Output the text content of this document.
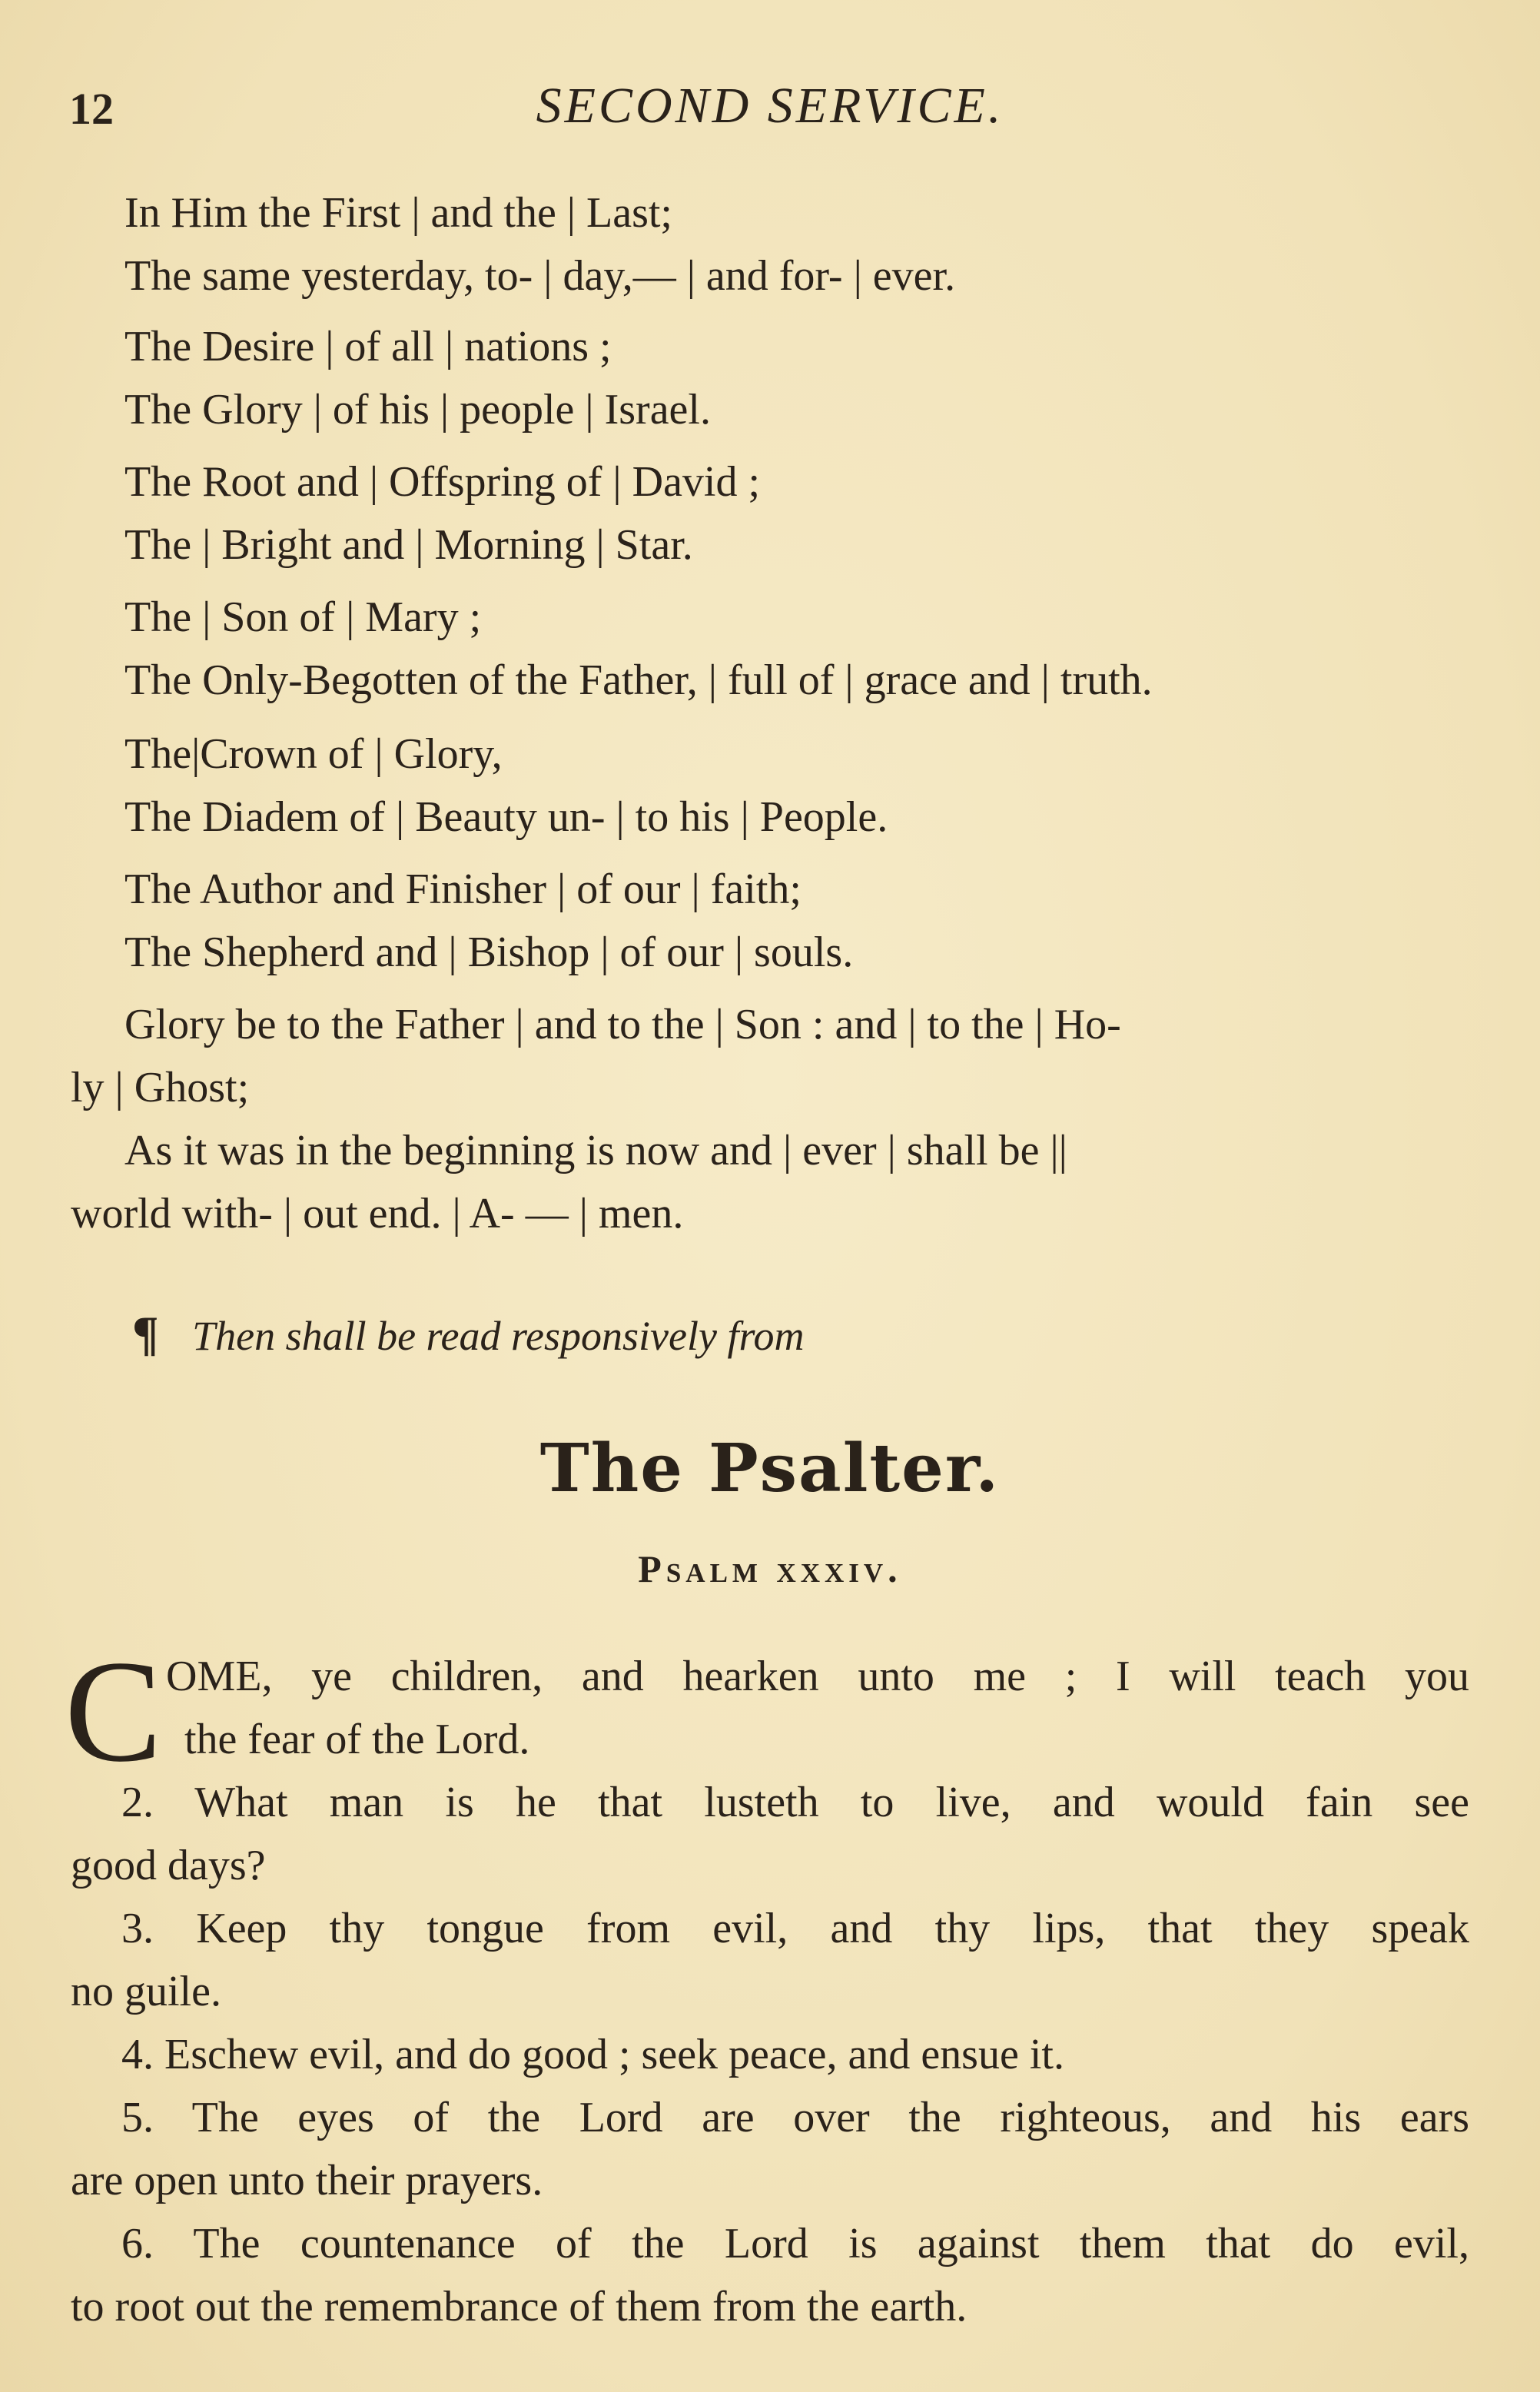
12	SECOND SERVICE.
In Him the First | and the | Last;
The same yesterday, to- | day,— | and for- | ever.
The Desire | of all | nations ;
The Glory | of his | people | Israel.
The Root and | Offspring of | David ;
The | Bright and | Morning | Star.
The | Son of | Mary ;
The Only-Begotten of the Father, | full of | grace and | truth.
The|Crown of | Glory,
The Diadem of | Beauty un- | to his | People.
The Author and Finisher | of our | faith;
The Shepherd and | Bishop | of our | souls.
Glory be to the Father | and to the | Son : and | to the | Ho-
ly | Ghost;
As it was in the beginning is now and | ever | shall be ||
world with- | out end. | A- — | men.
¶ Then shall be read responsively from
The Psalter.
Psalm xxxiv.
C OME, ye children, and hearken unto me ; I will teach you
the fear of the Lord.
2. What man is he that lusteth to live, and would fain see
good days?
3. Keep thy tongue from evil, and thy lips, that they speak
no guile.
4. Eschew evil, and do good ; seek peace, and ensue it.
5. The eyes of the Lord are over the righteous, and his ears
are open unto their prayers.
6. The countenance of the Lord is against them that do evil,
to root out the remembrance of them from the earth.
